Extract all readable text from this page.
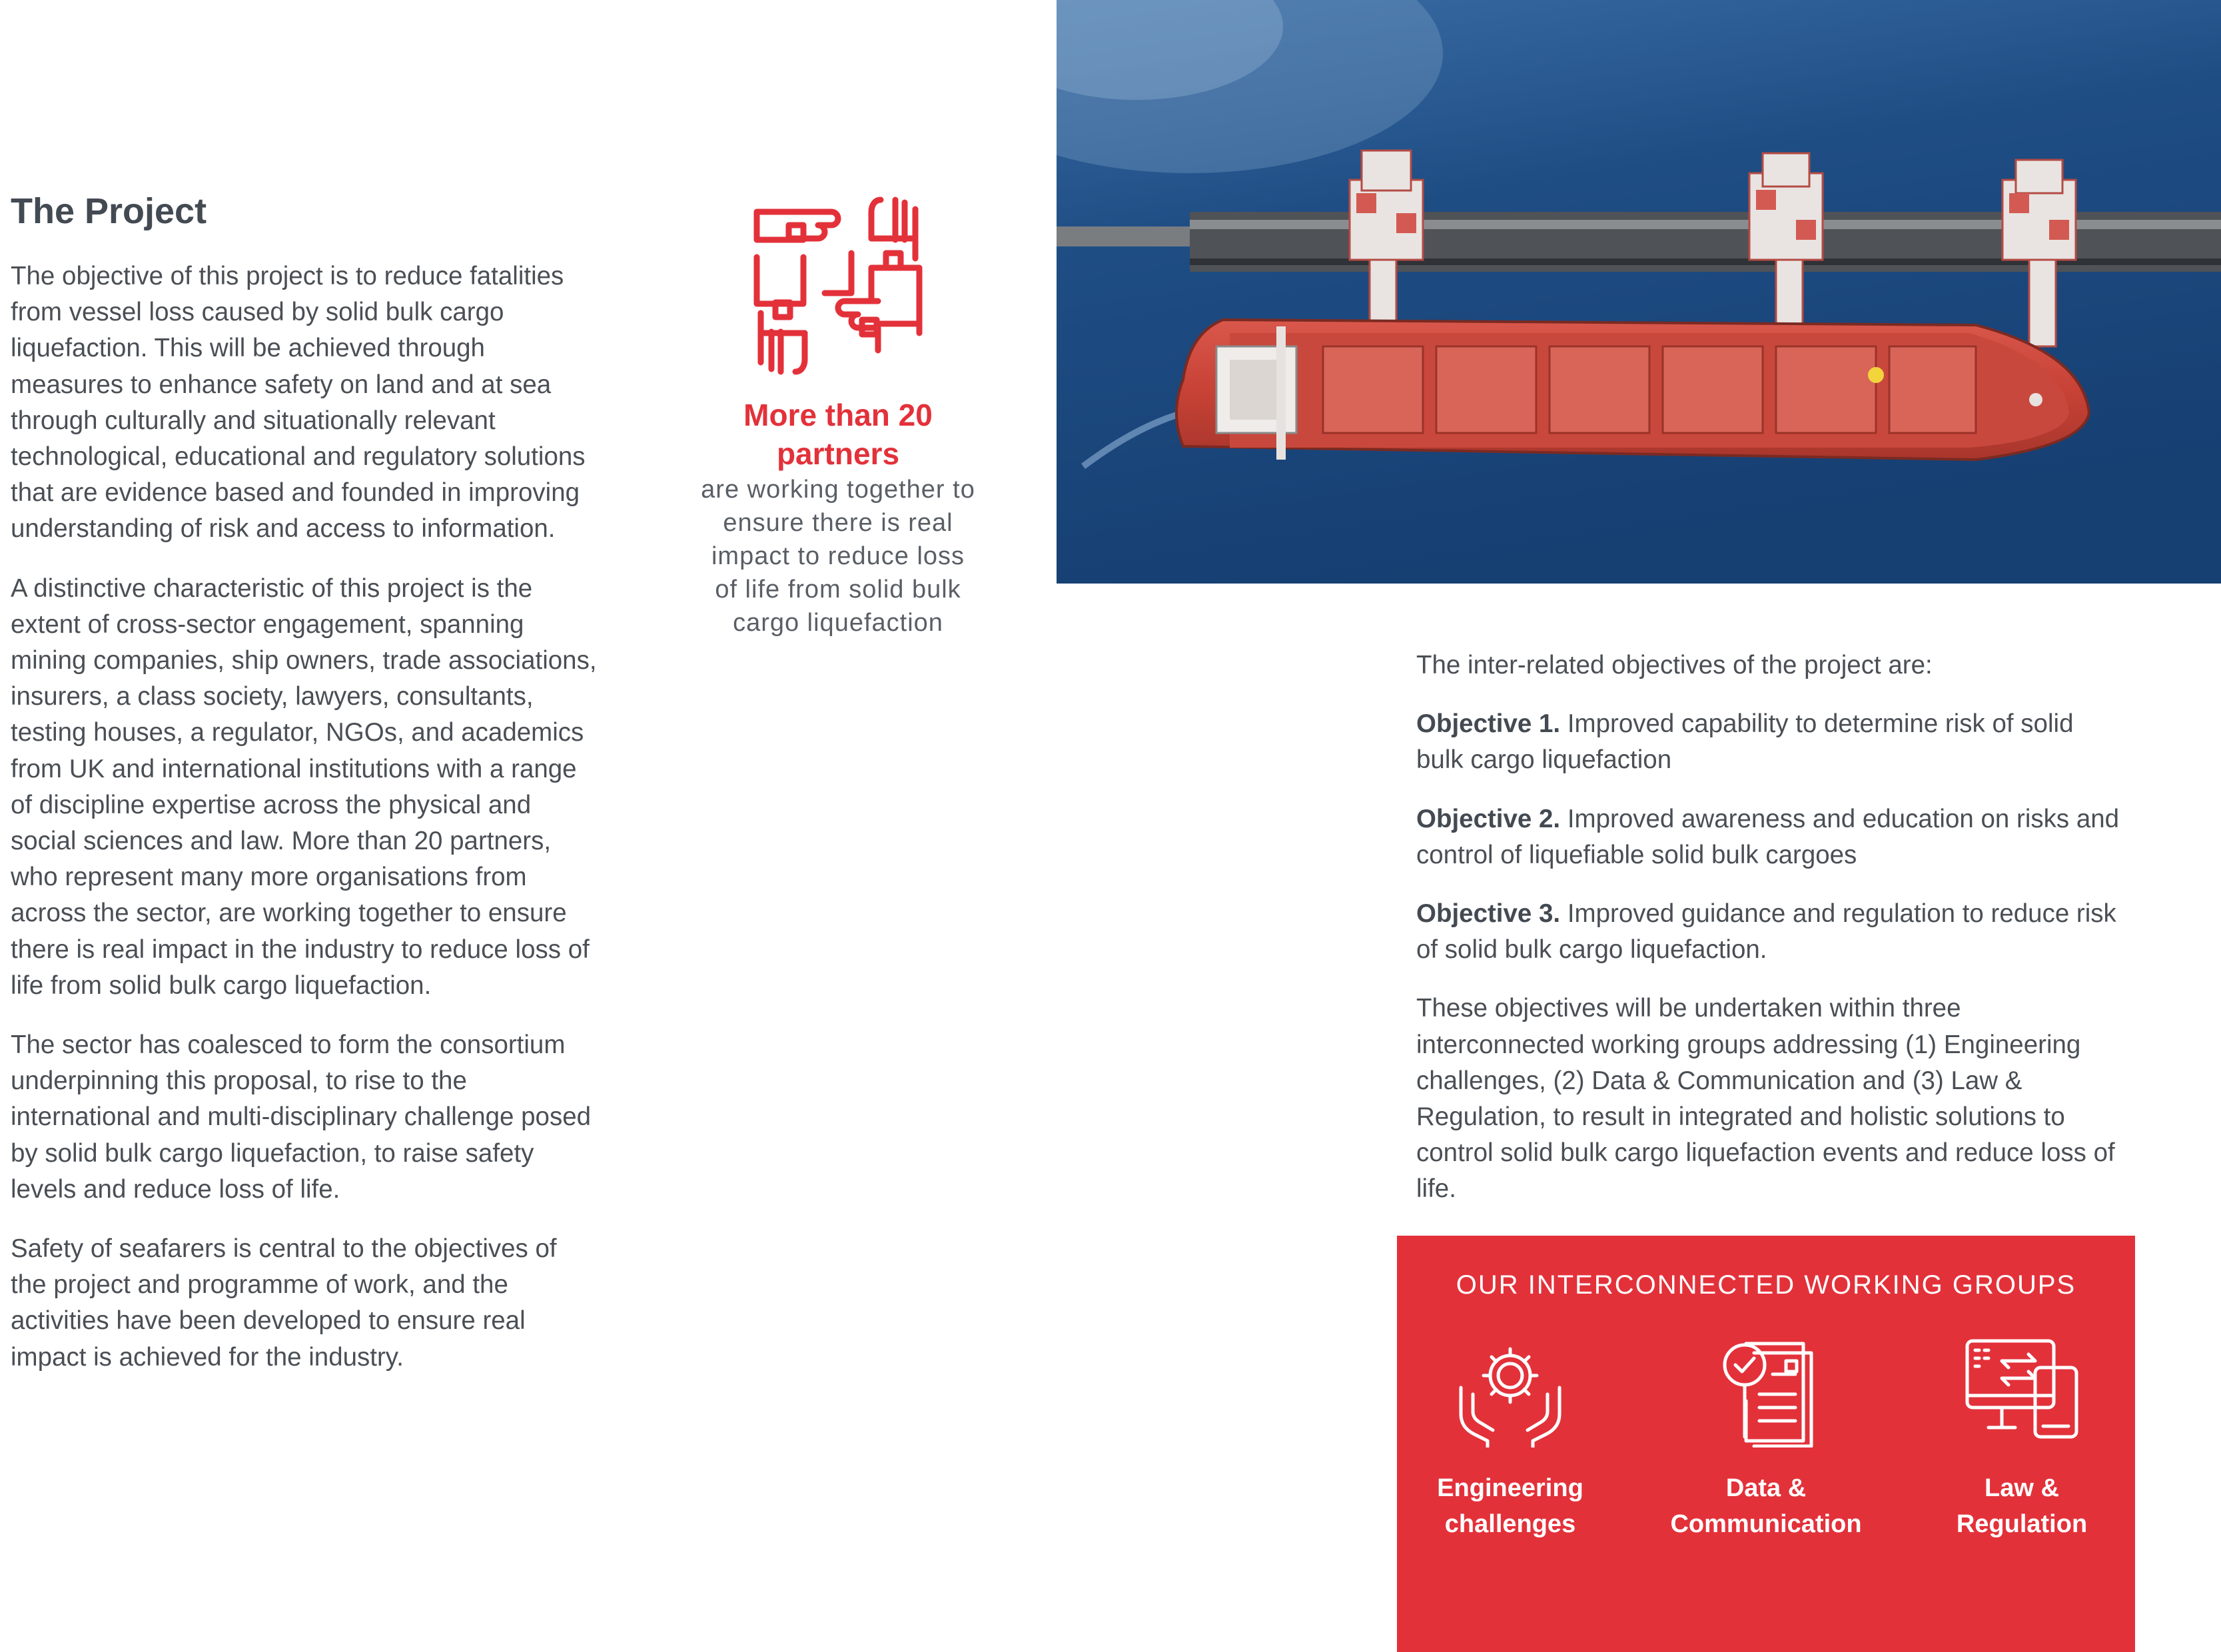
The Project

The objective of this project is to reduce fatalities from vessel loss caused by solid bulk cargo liquefaction. This will be achieved through measures to enhance safety on land and at sea through culturally and situationally relevant technological, educational and regulatory solutions that are evidence based and founded in improving understanding of risk and access to information.

A distinctive characteristic of this project is the extent of cross-sector engagement, spanning mining companies, ship owners, trade associations, insurers, a class society, lawyers, consultants, testing houses, a regulator, NGOs, and academics from UK and international institutions with a range of discipline expertise across the physical and social sciences and law. More than 20 partners, who represent many more organisations from across the sector, are working together to ensure there is real impact in the industry to reduce loss of life from solid bulk cargo liquefaction.

The sector has coalesced to form the consortium underpinning this proposal, to rise to the international and multi-disciplinary challenge posed by solid bulk cargo liquefaction, to raise safety levels and reduce loss of life.

Safety of seafarers is central to the objectives of the project and programme of work, and the activities have been developed to ensure real impact is achieved for the industry.

More than 20 partners
are working together to ensure there is real impact to reduce loss of life from solid bulk cargo liquefaction

The inter-related objectives of the project are:

Objective 1. Improved capability to determine risk of solid bulk cargo liquefaction

Objective 2. Improved awareness and education on risks and control of liquefiable solid bulk cargoes

Objective 3. Improved guidance and regulation to reduce risk of solid bulk cargo liquefaction.

These objectives will be undertaken within three interconnected working groups addressing (1) Engineering challenges, (2) Data & Communication and (3) Law & Regulation, to result in integrated and holistic solutions to control solid bulk cargo liquefaction events and reduce loss of life.

OUR INTERCONNECTED WORKING GROUPS
Engineering
challenges
Data &
Communication
Law &
Regulation
